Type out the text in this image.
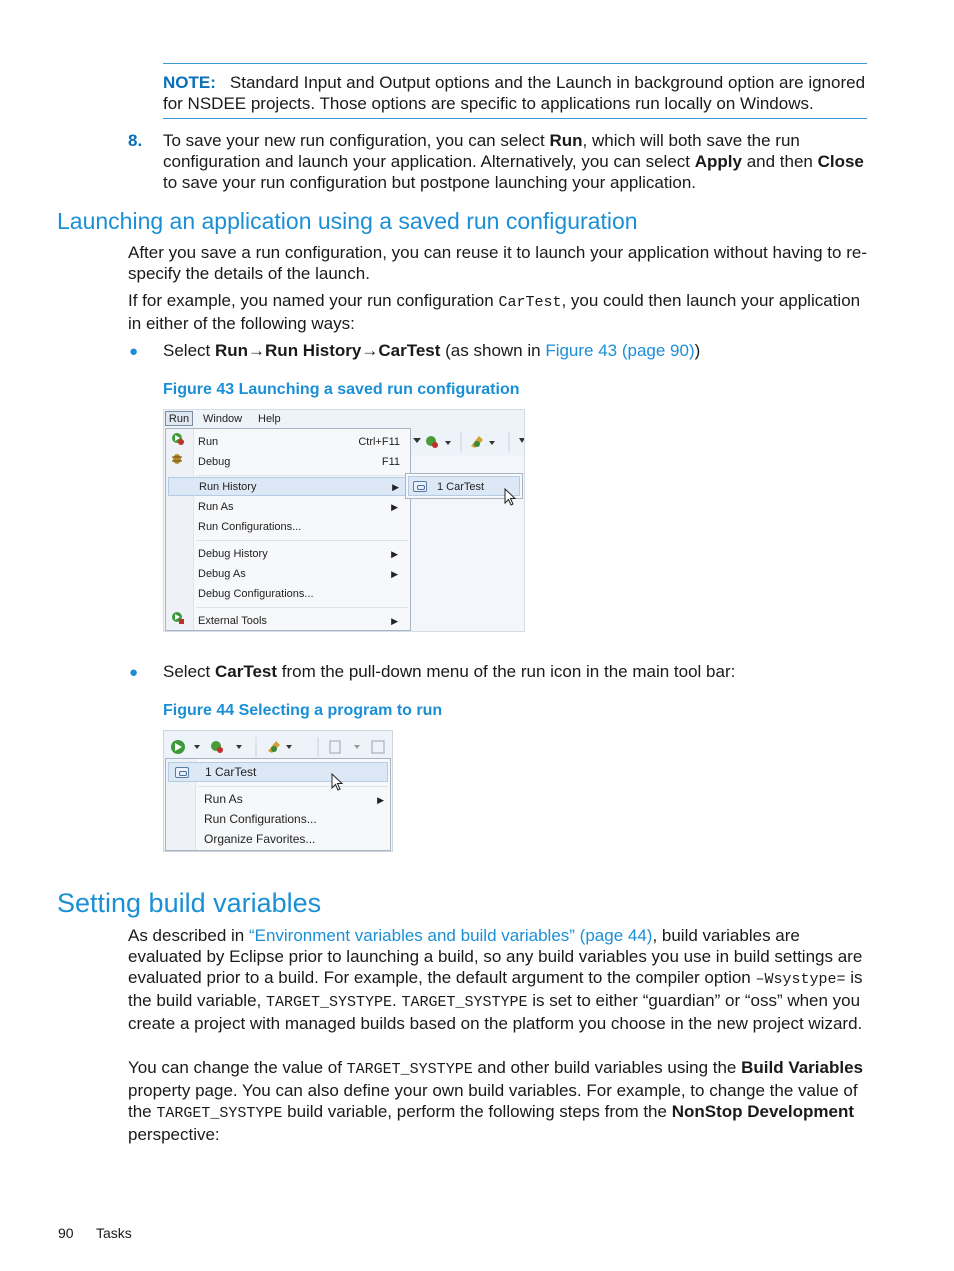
NOTE: Standard Input and Output options and the Launch in background option are ignored for NSDEE projects. Those options are specific to applications run locally on Windows.
8. To save your new run configuration, you can select Run, which will both save the run configuration and launch your application. Alternatively, you can select Apply and then Close to save your run configuration but postpone launching your application.
Launching an application using a saved run configuration
After you save a run configuration, you can reuse it to launch your application without having to re-specify the details of the launch.
If for example, you named your run configuration CarTest, you could then launch your application in either of the following ways:
● Select Run→Run History→CarTest (as shown in Figure 43 (page 90))
Figure 43 Launching a saved run configuration
Run	Window Help
Run	Ctrl+F11
Debug	F11
Run History	▶
Run As	▶
Run Configurations...
Debug History	▶
Debug As	▶
Debug Configurations...
External Tools	▶
1 CarTest
● Select CarTest from the pull-down menu of the run icon in the main tool bar:
Figure 44 Selecting a program to run
1 CarTest
Run As	▶
Run Configurations...
Organize Favorites...
Setting build variables
As described in “Environment variables and build variables” (page 44), build variables are evaluated by Eclipse prior to launching a build, so any build variables you use in build settings are evaluated prior to a build. For example, the default argument to the compiler option –Wsystype= is the build variable, TARGET_SYSTYPE. TARGET_SYSTYPE is set to either “guardian” or “oss” when you create a project with managed builds based on the platform you choose in the new project wizard.
You can change the value of TARGET_SYSTYPE and other build variables using the Build Variables property page. You can also define your own build variables. For example, to change the value of the TARGET_SYSTYPE build variable, perform the following steps from the NonStop Development perspective:
90 Tasks
